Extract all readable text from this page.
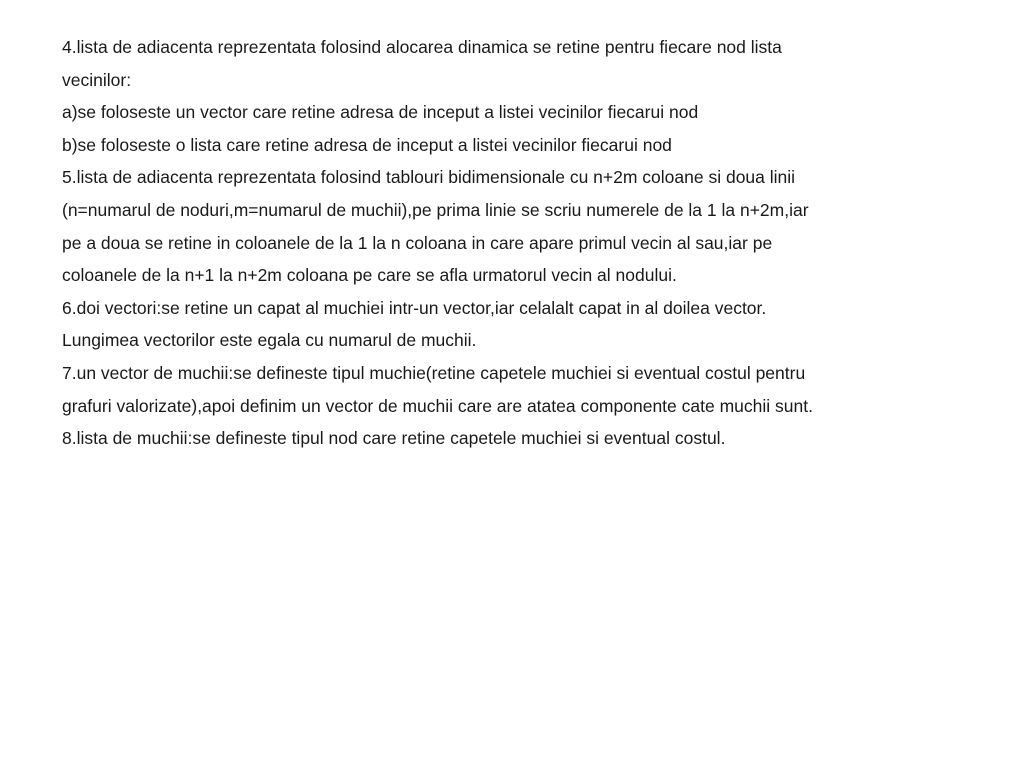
4.lista de adiacenta reprezentata folosind alocarea dinamica se retine pentru fiecare nod lista

vecinilor:

a)se foloseste un vector care retine adresa de inceput a listei vecinilor fiecarui nod

b)se foloseste o lista care retine adresa de inceput a listei vecinilor fiecarui nod

5.lista de adiacenta reprezentata folosind tablouri bidimensionale cu n+2m coloane si doua linii

(n=numarul de noduri,m=numarul de muchii),pe prima linie se scriu numerele de la 1 la n+2m,iar

pe a doua se retine in coloanele de la 1 la n coloana in care apare primul vecin al sau,iar pe

coloanele de la n+1 la n+2m coloana pe care se afla urmatorul vecin al nodului.

6.doi vectori:se retine un capat al muchiei intr-un vector,iar celalalt capat in al doilea vector.

Lungimea vectorilor este egala cu numarul de muchii.

7.un vector de muchii:se defineste tipul muchie(retine capetele muchiei si eventual costul pentru

grafuri valorizate),apoi definim un vector de muchii care are atatea componente cate muchii sunt.

8.lista de muchii:se defineste tipul nod care retine capetele muchiei si eventual costul.
